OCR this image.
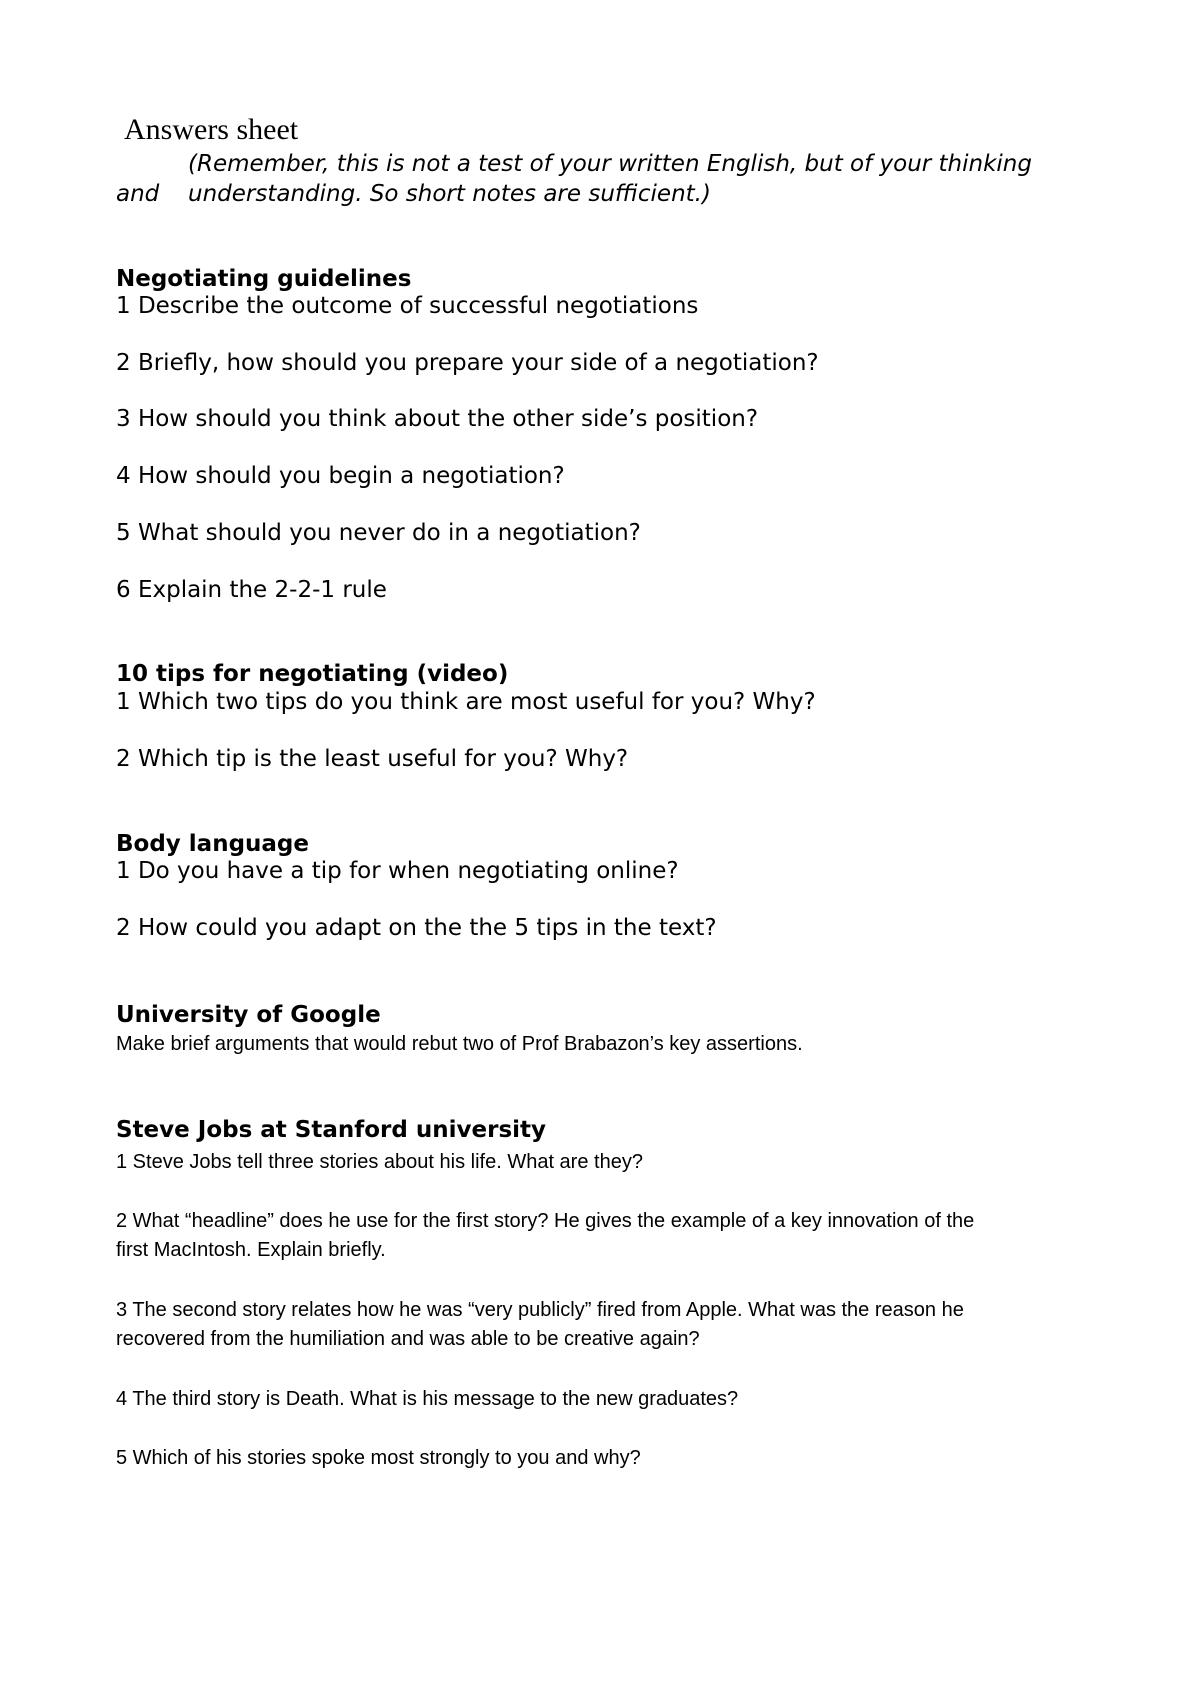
Answers sheet
(Remember, this is not a test of your written English, but of your thinking
and understanding. So short notes are sufficient.)
Negotiating guidelines
1 Describe the outcome of successful negotiations
2 Briefly, how should you prepare your side of a negotiation?
3 How should you think about the other side’s position?
4 How should you begin a negotiation?
5 What should you never do in a negotiation?
6 Explain the 2-2-1 rule
10 tips for negotiating (video)
1 Which two tips do you think are most useful for you? Why?
2 Which tip is the least useful for you? Why?
Body language
1 Do you have a tip for when negotiating online?
2 How could you adapt on the the 5 tips in the text?
University of Google
Make brief arguments that would rebut two of Prof Brabazon’s key assertions.
Steve Jobs at Stanford university
1 Steve Jobs tell three stories about his life. What are they?
2 What “headline” does he use for the first story? He gives the example of a key innovation of the
first MacIntosh. Explain briefly.
3 The second story relates how he was “very publicly” fired from Apple. What was the reason he
recovered from the humiliation and was able to be creative again?
4 The third story is Death. What is his message to the new graduates?
5 Which of his stories spoke most strongly to you and why?
